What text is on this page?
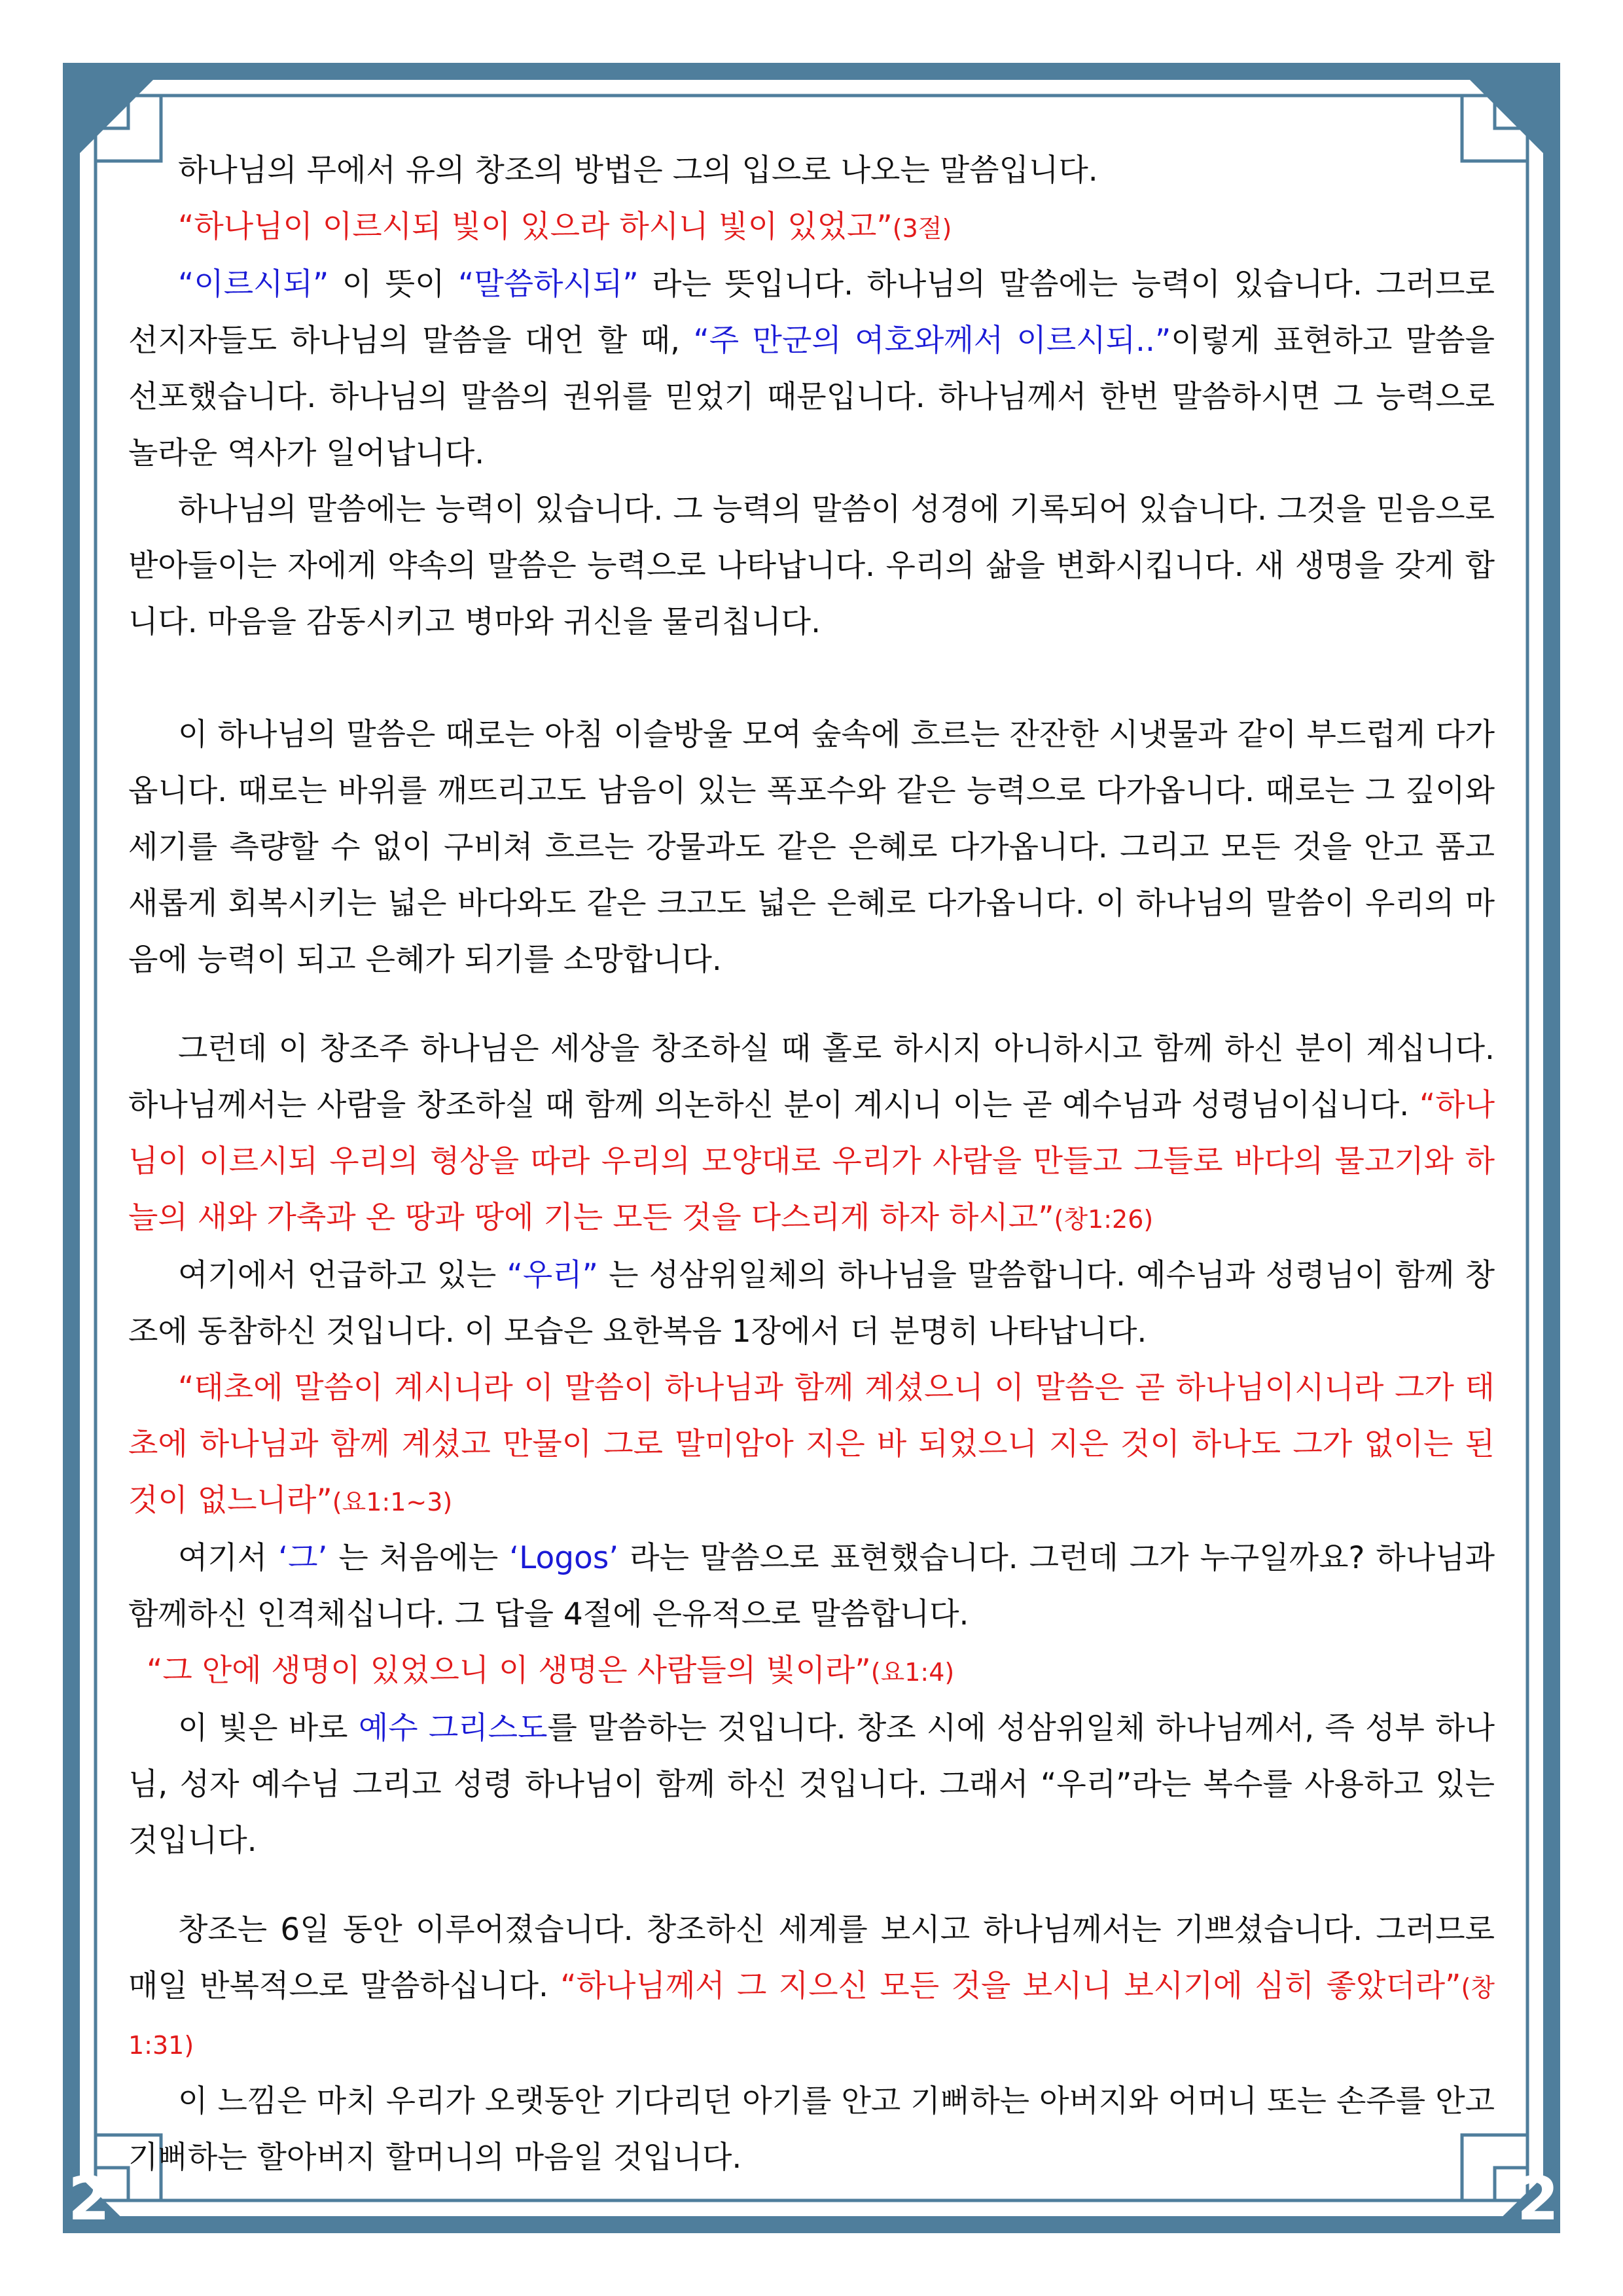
2	2

하나님의 무에서 유의 창조의 방법은 그의 입으로 나오는 말씀입니다.

“하나님이 이르시되 빛이 있으라 하시니 빛이 있었고”(3절)

“이르시되” 이 뜻이 “말씀하시되” 라는 뜻입니다. 하나님의 말씀에는 능력이 있습니다. 그러므로 선지자들도 하나님의 말씀을 대언 할 때, “주 만군의 여호와께서 이르시되..”이렇게 표현하고 말씀을 선포했습니다. 하나님의 말씀의 권위를 믿었기 때문입니다. 하나님께서 한번 말씀하시면 그 능력으로 놀라운 역사가 일어납니다.

하나님의 말씀에는 능력이 있습니다. 그 능력의 말씀이 성경에 기록되어 있습니다. 그것을 믿음으로 받아들이는 자에게 약속의 말씀은 능력으로 나타납니다. 우리의 삶을 변화시킵니다. 새 생명을 갖게 합니다. 마음을 감동시키고 병마와 귀신을 물리칩니다.

이 하나님의 말씀은 때로는 아침 이슬방울 모여 숲속에 흐르는 잔잔한 시냇물과 같이 부드럽게 다가옵니다. 때로는 바위를 깨뜨리고도 남음이 있는 폭포수와 같은 능력으로 다가옵니다. 때로는 그 깊이와 세기를 측량할 수 없이 구비쳐 흐르는 강물과도 같은 은혜로 다가옵니다. 그리고 모든 것을 안고 품고 새롭게 회복시키는 넓은 바다와도 같은 크고도 넓은 은혜로 다가옵니다. 이 하나님의 말씀이 우리의 마음에 능력이 되고 은혜가 되기를 소망합니다.

그런데 이 창조주 하나님은 세상을 창조하실 때 홀로 하시지 아니하시고 함께 하신 분이 계십니다. 하나님께서는 사람을 창조하실 때 함께 의논하신 분이 계시니 이는 곧 예수님과 성령님이십니다. “하나님이 이르시되 우리의 형상을 따라 우리의 모양대로 우리가 사람을 만들고 그들로 바다의 물고기와 하늘의 새와 가축과 온 땅과 땅에 기는 모든 것을 다스리게 하자 하시고”(창1:26)

여기에서 언급하고 있는 “우리” 는 성삼위일체의 하나님을 말씀합니다. 예수님과 성령님이 함께 창조에 동참하신 것입니다. 이 모습은 요한복음 1장에서 더 분명히 나타납니다.

“태초에 말씀이 계시니라 이 말씀이 하나님과 함께 계셨으니 이 말씀은 곧 하나님이시니라 그가 태초에 하나님과 함께 계셨고 만물이 그로 말미암아 지은 바 되었으니 지은 것이 하나도 그가 없이는 된 것이 없느니라”(요1:1~3)

여기서 ‘그’ 는 처음에는 ‘Logos’ 라는 말씀으로 표현했습니다. 그런데 그가 누구일까요? 하나님과 함께하신 인격체십니다. 그 답을 4절에 은유적으로 말씀합니다.

“그 안에 생명이 있었으니 이 생명은 사람들의 빛이라”(요1:4)

이 빛은 바로 예수 그리스도를 말씀하는 것입니다. 창조 시에 성삼위일체 하나님께서, 즉 성부 하나님, 성자 예수님 그리고 성령 하나님이 함께 하신 것입니다. 그래서 “우리”라는 복수를 사용하고 있는 것입니다.

창조는 6일 동안 이루어졌습니다. 창조하신 세계를 보시고 하나님께서는 기쁘셨습니다. 그러므로 매일 반복적으로 말씀하십니다. “하나님께서 그 지으신 모든 것을 보시니 보시기에 심히 좋았더라”(창1:31)

이 느낌은 마치 우리가 오랫동안 기다리던 아기를 안고 기뻐하는 아버지와 어머니 또는 손주를 안고 기뻐하는 할아버지 할머니의 마음일 것입니다.
